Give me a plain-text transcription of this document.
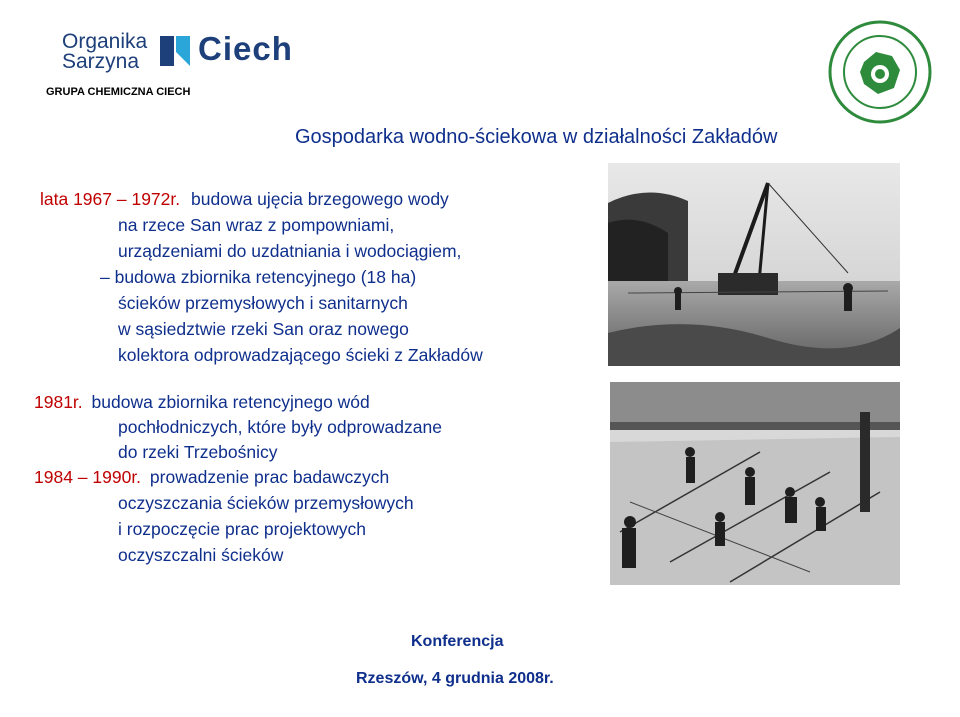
Organika
Sarzyna Ciech
GRUPA CHEMICZNA CIECH
Gospodarka wodno-ściekowa w działalności Zakładów
lata 1967 – 1972r. budowa ujęcia brzegowego wody
na rzece San wraz z pompowniami,
urządzeniami do uzdatniania i wodociągiem,
– budowa zbiornika retencyjnego (18 ha)
ścieków przemysłowych i sanitarnych
w sąsiedztwie rzeki San oraz nowego
kolektora odprowadzającego ścieki z Zakładów
1981r. budowa zbiornika retencyjnego wód
pochłodniczych, które były odprowadzane
do rzeki Trzebośnicy
1984 – 1990r. prowadzenie prac badawczych
oczyszczania ścieków przemysłowych
i rozpoczęcie prac projektowych
oczyszczalni ścieków
Konferencja
Rzeszów, 4 grudnia 2008r.
